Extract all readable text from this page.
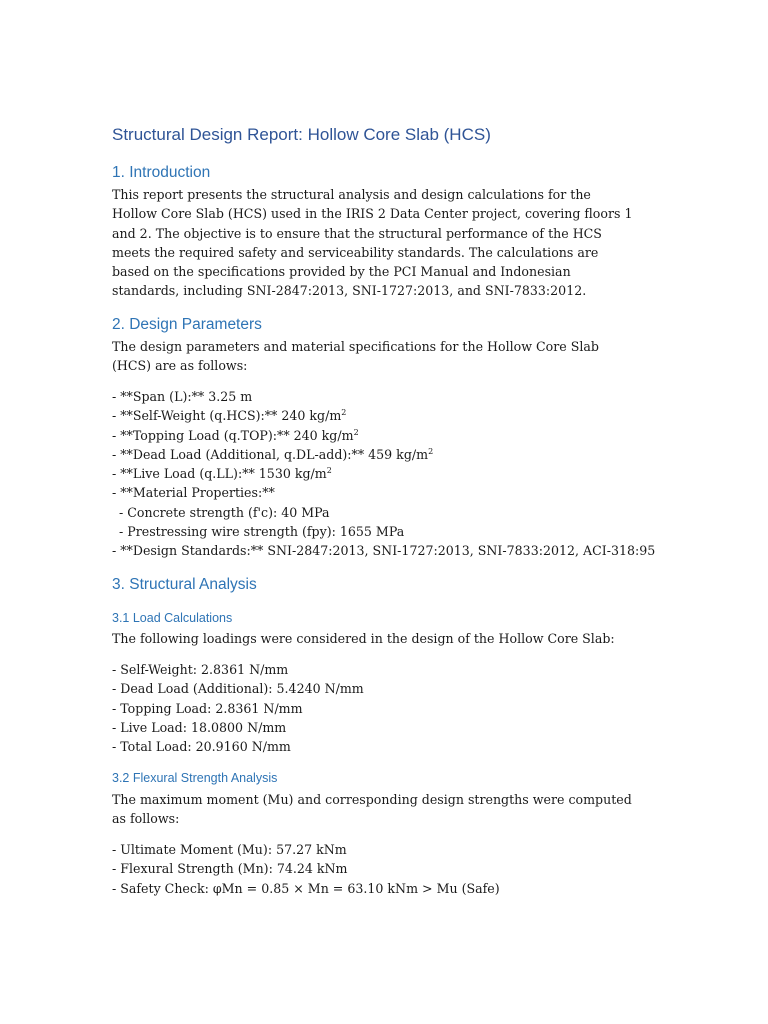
Structural Design Report: Hollow Core Slab (HCS)
1. Introduction

This report presents the structural analysis and design calculations for the Hollow Core Slab (HCS) used in the IRIS 2 Data Center project, covering floors 1 and 2. The objective is to ensure that the structural performance of the HCS meets the required safety and serviceability standards. The calculations are based on the specifications provided by the PCI Manual and Indonesian standards, including SNI-2847:2013, SNI-1727:2013, and SNI-7833:2012.

2. Design Parameters

The design parameters and material specifications for the Hollow Core Slab (HCS) are as follows:

- **Span (L):** 3.25 m
- **Self-Weight (q.HCS):** 240 $kg/m^2$
- **Topping Load (q.TOP):** 240 $kg/m^2$
- **Dead Load (Additional, q.DL-add):** 459 $kg/m^2$
- **Live Load (q.LL):** 1530 $kg/m^2$
- **Material Properties:**
- Concrete strength (f'c): 40 MPa
- Prestressing wire strength (fpy): 1655 MPa
- **Design Standards:** SNI-2847:2013, SNI-1727:2013, SNI-7833:2012, ACI-318:95
3. Structural Analysis
3.1 Load Calculations

The following loadings were considered in the design of the Hollow Core Slab:

- Self-Weight: 2.8361 N/mm
- Dead Load (Additional): 5.4240 N/mm
- Topping Load: 2.8361 N/mm
- Live Load: 18.0800 N/mm
- Total Load: 20.9160 N/mm
3.2 Flexural Strength Analysis

The maximum moment (Mu) and corresponding design strengths were computed as follows:

- Ultimate Moment (Mu): 57.27 kNm
- Flexural Strength (Mn): 74.24 kNm
- Safety Check: φMn = 0.85 × Mn = 63.10 kNm > Mu (Safe)
